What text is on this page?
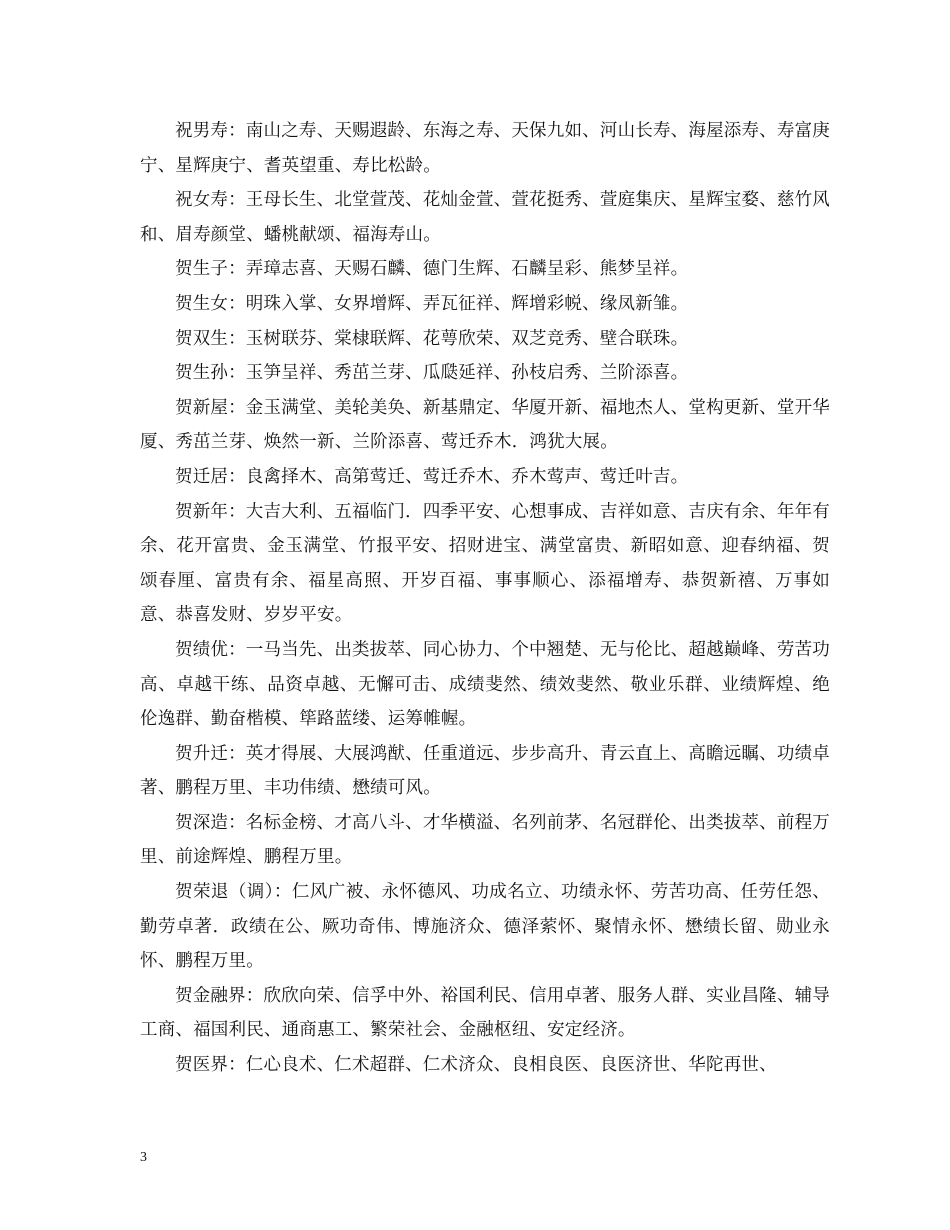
祝男寿：南山之寿、天赐遐龄、东海之寿、天保九如、河山长寿、海屋添寿、寿富庚宁、星辉庚宁、耆英望重、寿比松龄。

祝女寿：王母长生、北堂萱茂、花灿金萱、萱花挺秀、萱庭集庆、星辉宝婺、慈竹风和、眉寿颜堂、蟠桃献颂、福海寿山。

贺生子：弄璋志喜、天赐石麟、德门生辉、石麟呈彩、熊梦呈祥。

贺生女：明珠入掌、女界增辉、弄瓦征祥、辉增彩帨、缘凤新雏。

贺双生：玉树联芬、棠棣联辉、花萼欣荣、双芝竞秀、壁合联珠。

贺生孙：玉笋呈祥、秀茁兰芽、瓜瓞延祥、孙枝启秀、兰阶添喜。

贺新屋：金玉满堂、美轮美奂、新基鼎定、华厦开新、福地杰人、堂构更新、堂开华厦、秀茁兰芽、焕然一新、兰阶添喜、莺迁乔木．鸿犹大展。

贺迁居：良禽择木、高第莺迁、莺迁乔木、乔木莺声、莺迁叶吉。

贺新年：大吉大利、五福临门．四季平安、心想事成、吉祥如意、吉庆有余、年年有余、花开富贵、金玉满堂、竹报平安、招财进宝、满堂富贵、新昭如意、迎春纳福、贺颂春厘、富贵有余、福星高照、开岁百福、事事顺心、添福增寿、恭贺新禧、万事如意、恭喜发财、岁岁平安。

贺绩优：一马当先、出类拔萃、同心协力、个中翘楚、无与伦比、超越巅峰、劳苦功高、卓越干练、品资卓越、无懈可击、成绩斐然、绩效斐然、敬业乐群、业绩辉煌、绝伦逸群、勤奋楷模、筚路蓝缕、运筹帷幄。

贺升迁：英才得展、大展鸿猷、任重道远、步步高升、青云直上、高瞻远瞩、功绩卓著、鹏程万里、丰功伟绩、懋绩可风。

贺深造：名标金榜、才高八斗、才华横溢、名列前茅、名冠群伦、出类拔萃、前程万里、前途辉煌、鹏程万里。

贺荣退（调）：仁风广被、永怀德风、功成名立、功绩永怀、劳苦功高、任劳任怨、勤劳卓著．政绩在公、厥功奇伟、博施济众、德泽萦怀、聚情永怀、懋绩长留、勋业永怀、鹏程万里。

贺金融界：欣欣向荣、信孚中外、裕国利民、信用卓著、服务人群、实业昌隆、辅导工商、福国利民、通商惠工、繁荣社会、金融枢纽、安定经济。

贺医界：仁心良术、仁术超群、仁术济众、良相良医、良医济世、华陀再世、

3
